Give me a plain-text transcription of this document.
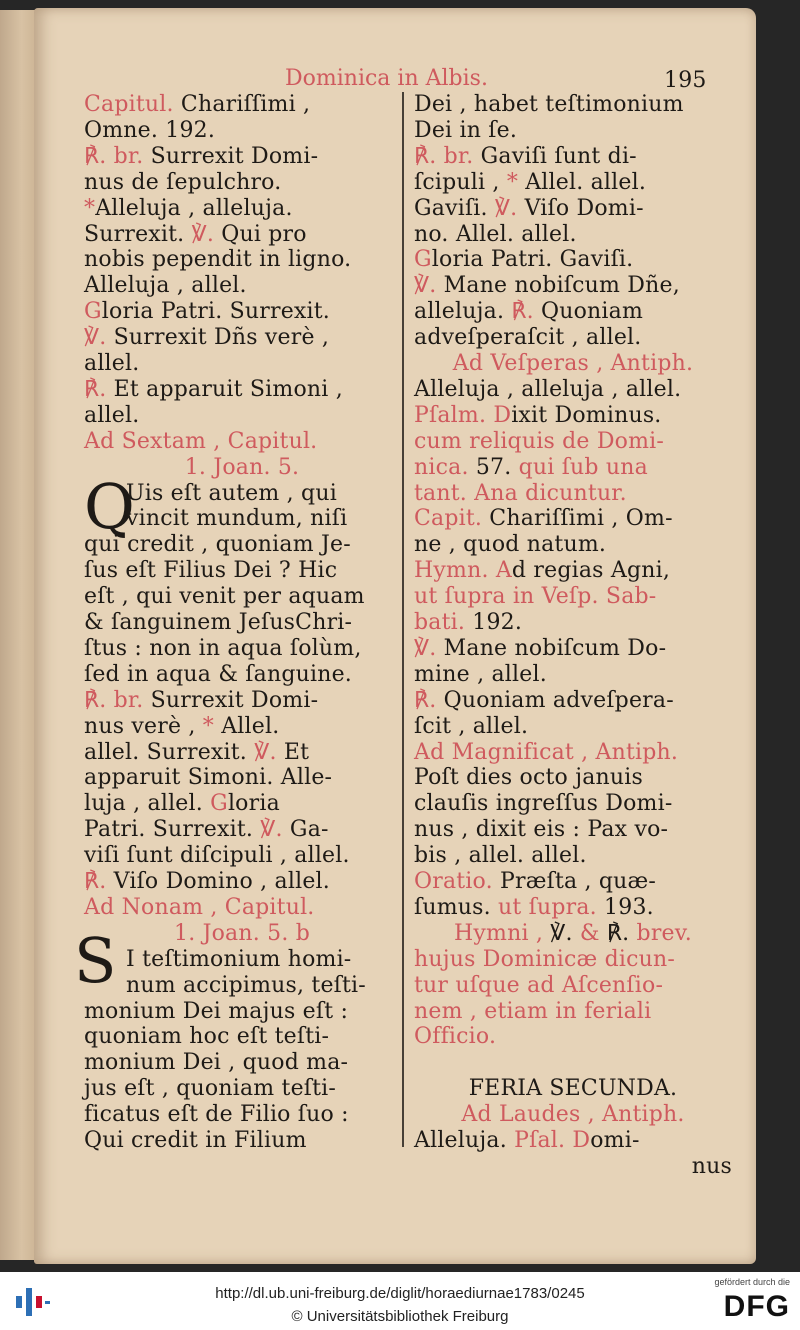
Dominica in Albis.	195
Capitul. Chariſſimi ,
Omne. 192.
℟. br. Surrexit Domi-
nus de ſepulchro.
*Alleluja , alleluja.
Surrexit. ℣. Qui pro
nobis pependit in ligno.
Alleluja , allel.
Gloria Patri. Surrexit.
℣. Surrexit Dñs verè ,
allel.
℟. Et apparuit Simoni ,
allel.
Ad Sextam , Capitul.
1. Joan. 5.
Uis eſt autem , qui
vincit mundum, niſi
qui credit , quoniam Je-
ſus eſt Filius Dei ? Hic
eſt , qui venit per aquam
& ſanguinem JeſusChri-
ſtus : non in aqua ſolùm,
ſed in aqua & ſanguine.
℟. br. Surrexit Domi-
nus verè , * Allel.
allel. Surrexit. ℣. Et
apparuit Simoni. Alle-
luja , allel. Gloria
Patri. Surrexit. ℣. Ga-
viſi ſunt diſcipuli , allel.
℟. Viſo Domino , allel.
Ad Nonam , Capitul.
1. Joan. 5. b
I teſtimonium homi-
num accipimus, teſti-
monium Dei majus eſt :
quoniam hoc eſt teſti-
monium Dei , quod ma-
jus eſt , quoniam teſti-
ficatus eſt de Filio ſuo :
Qui credit in Filium
Dei , habet teſtimonium
Dei in ſe.
℟. br. Gaviſi ſunt di-
ſcipuli , * Allel. allel.
Gaviſi. ℣. Viſo Domi-
no. Allel. allel.
Gloria Patri. Gaviſi.
℣. Mane nobiſcum Dñe,
alleluja. ℟. Quoniam
adveſperaſcit , allel.
Ad Veſperas , Antiph.
Alleluja , alleluja , allel.
Pſalm. Dixit Dominus.
cum reliquis de Domi-
nica. 57. qui ſub una
tant. Ana dicuntur.
Capit. Chariſſimi , Om-
ne , quod natum.
Hymn. Ad regias Agni,
ut ſupra in Veſp. Sab-
bati. 192.
℣. Mane nobiſcum Do-
mine , allel.
℟. Quoniam adveſpera-
ſcit , allel.
Ad Magnificat , Antiph.
Poſt dies octo januis
clauſis ingreſſus Domi-
nus , dixit eis : Pax vo-
bis , allel. allel.
Oratio. Præſta , quæ-
ſumus. ut ſupra. 193.
Hymni , ℣. & ℟. brev.
hujus Dominicæ dicun-
tur uſque ad Aſcenſio-
nem , etiam in feriali
Officio.
FERIA SECUNDA.
Ad Laudes , Antiph.
Alleluja. Pſal. Domi-
nus
Q
S
http://dl.ub.uni-freiburg.de/diglit/horaediurnae1783/0245
© Universitätsbibliothek Freiburg
gefördert durch die
DFG
